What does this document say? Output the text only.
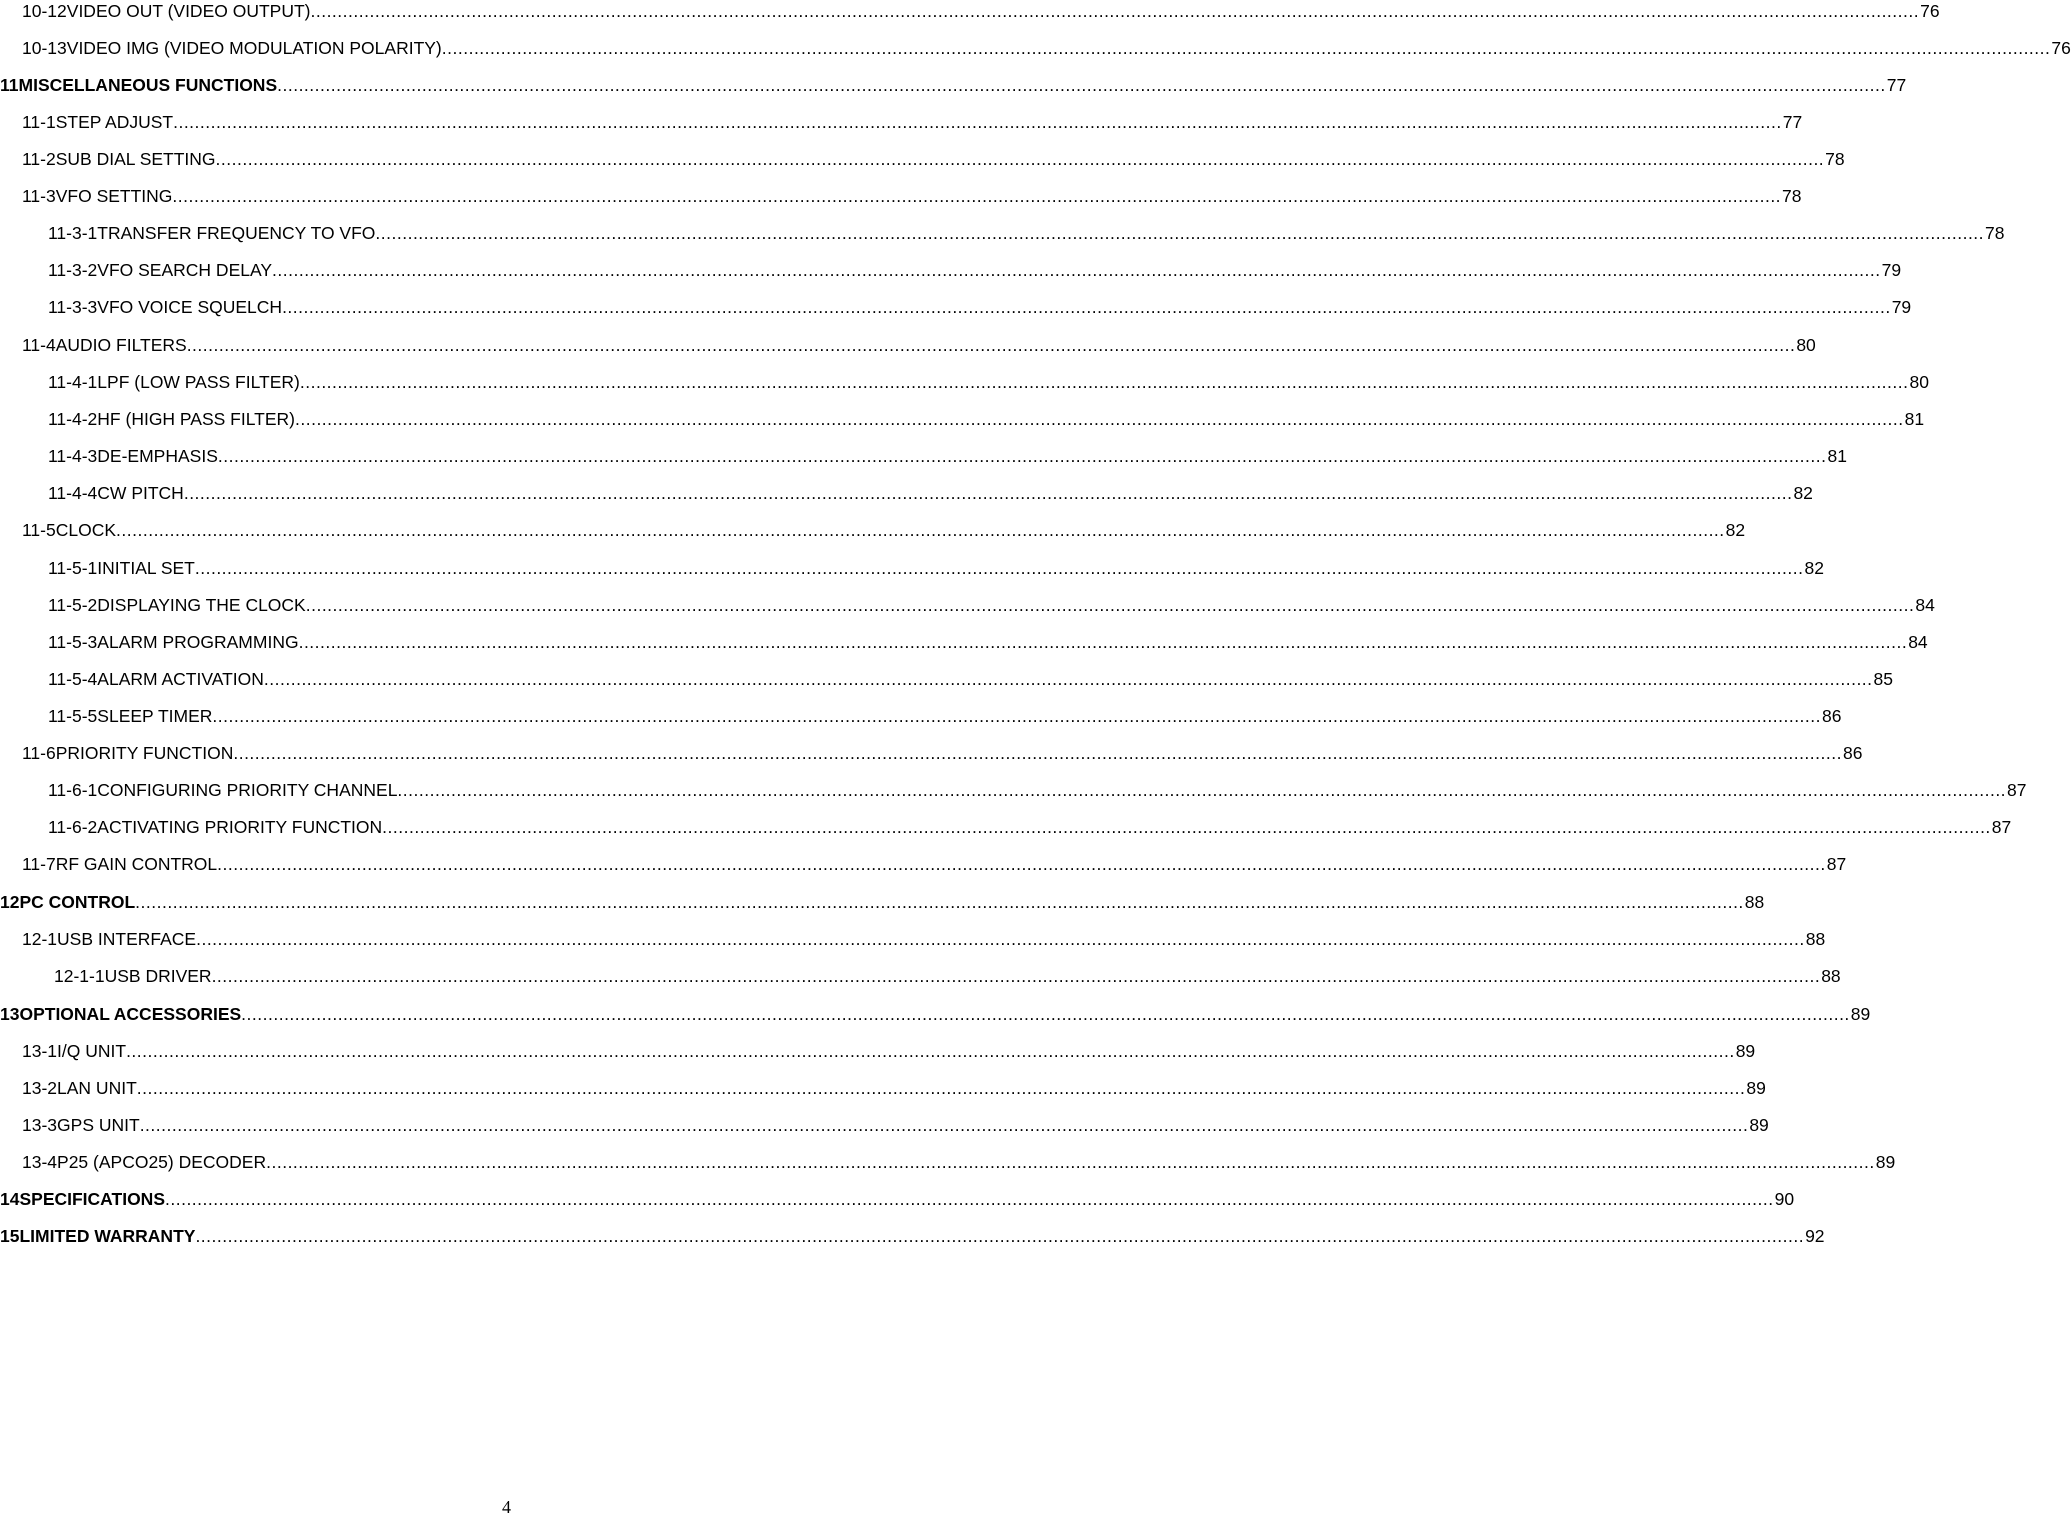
10-12 VIDEO OUT (VIDEO OUTPUT) ............................................................................................................................................................................................................................................................................................................ 76
10-13 VIDEO IMG (VIDEO MODULATION POLARITY) ............................................................................................................................................................................................................................................................................................................ 76
11 MISCELLANEOUS FUNCTIONS ............................................................................................................................................................................................................................................................................................................ 77
11-1 STEP ADJUST ............................................................................................................................................................................................................................................................................................................ 77
11-2 SUB DIAL SETTING ............................................................................................................................................................................................................................................................................................................ 78
11-3 VFO SETTING ............................................................................................................................................................................................................................................................................................................ 78
11-3-1 TRANSFER FREQUENCY TO VFO ............................................................................................................................................................................................................................................................................................................ 78
11-3-2 VFO SEARCH DELAY ............................................................................................................................................................................................................................................................................................................ 79
11-3-3 VFO VOICE SQUELCH ............................................................................................................................................................................................................................................................................................................ 79
11-4 AUDIO FILTERS ............................................................................................................................................................................................................................................................................................................ 80
11-4-1 LPF (LOW PASS FILTER) ............................................................................................................................................................................................................................................................................................................ 80
11-4-2 HF (HIGH PASS FILTER) ............................................................................................................................................................................................................................................................................................................ 81
11-4-3 DE-EMPHASIS ............................................................................................................................................................................................................................................................................................................ 81
11-4-4 CW PITCH ............................................................................................................................................................................................................................................................................................................ 82
11-5 CLOCK ............................................................................................................................................................................................................................................................................................................ 82
11-5-1 INITIAL SET ............................................................................................................................................................................................................................................................................................................ 82
11-5-2 DISPLAYING THE CLOCK ............................................................................................................................................................................................................................................................................................................ 84
11-5-3 ALARM PROGRAMMING ............................................................................................................................................................................................................................................................................................................ 84
11-5-4 ALARM ACTIVATION ............................................................................................................................................................................................................................................................................................................ 85
11-5-5 SLEEP TIMER ............................................................................................................................................................................................................................................................................................................ 86
11-6 PRIORITY FUNCTION ............................................................................................................................................................................................................................................................................................................ 86
11-6-1 CONFIGURING PRIORITY CHANNEL ............................................................................................................................................................................................................................................................................................................ 87
11-6-2 ACTIVATING PRIORITY FUNCTION ............................................................................................................................................................................................................................................................................................................ 87
11-7 RF GAIN CONTROL ............................................................................................................................................................................................................................................................................................................ 87
12 PC CONTROL ............................................................................................................................................................................................................................................................................................................ 88
12-1 USB INTERFACE ............................................................................................................................................................................................................................................................................................................ 88
12-1-1 USB DRIVER ............................................................................................................................................................................................................................................................................................................ 88
13 OPTIONAL ACCESSORIES ............................................................................................................................................................................................................................................................................................................ 89
13-1 I/Q UNIT ............................................................................................................................................................................................................................................................................................................ 89
13-2 LAN UNIT ............................................................................................................................................................................................................................................................................................................ 89
13-3 GPS UNIT ............................................................................................................................................................................................................................................................................................................ 89
13-4 P25 (APCO25) DECODER ............................................................................................................................................................................................................................................................................................................ 89
14 SPECIFICATIONS ............................................................................................................................................................................................................................................................................................................ 90
15 LIMITED WARRANTY ............................................................................................................................................................................................................................................................................................................ 92
4
